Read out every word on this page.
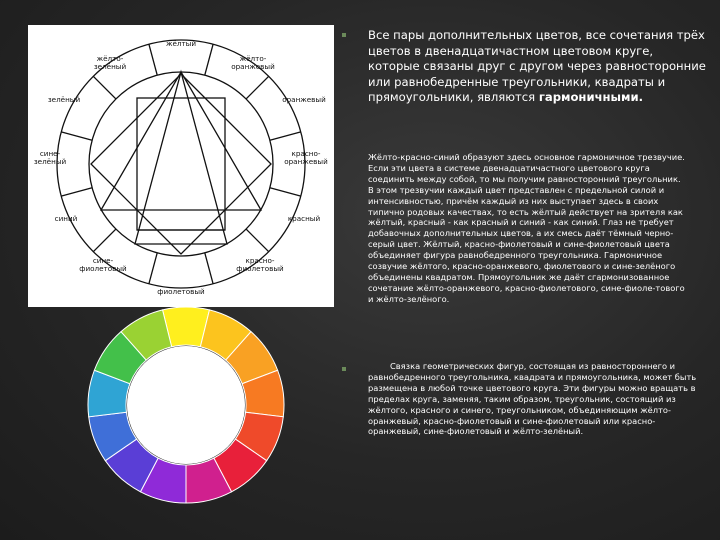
жёлтый
жёлто-
оранжевый
оранжевый
красно-
оранжевый
красный
красно-
фиолетовый
фиолетовый
сине-
фиолетовый
синий
сине-
зелёный
зелёный
жёлто-
зелёный
Все пары дополнительных цветов, все сочетания трёх цветов в двенадцатичастном цветовом круге, которые связаны друг с другом через равносторонние или равнобедренные треугольники, квадраты и прямоугольники, являются гармоничными.
Жёлто-красно-синий образуют здесь основное гармоничное трезвучие. Если эти цвета в системе двенадцатичастного цветового круга соединить между собой, то мы получим равносторонний треугольник. В этом трезвучии каждый цвет представлен с предельной силой и интенсивностью, причём каждый из них выступает здесь в своих типично родовых качествах, то есть жёлтый действует на зрителя как жёлтый, красный - как красный и синий - как синий. Глаз не требует добавочных дополнительных цветов, а их смесь даёт тёмный черно-серый цвет. Жёлтый, красно-фиолетовый и сине-фиолетовый цвета объединяет фигура равнобедренного треугольника. Гармоничное созвучие жёлтого, красно-оранжевого, фиолетового и сине-зелёного объединены квадратом. Прямоугольник же даёт сгармонизованное сочетание жёлто-оранжевого, красно-фиолетового, сине-фиоле-тового и жёлто-зелёного.
Связка геометрических фигур, состоящая из равностороннего и равнобедренного треугольника, квадрата и прямоугольника, может быть размещена в любой точке цветового круга. Эти фигуры можно вращать в пределах круга, заменяя, таким образом, треугольник, состоящий из жёлтого, красного и синего, треугольником, объединяющим жёлто-оранжевый, красно-фиолетовый и сине-фиолетовый или красно-оранжевый, сине-фиолетовый и жёлто-зелёный.
